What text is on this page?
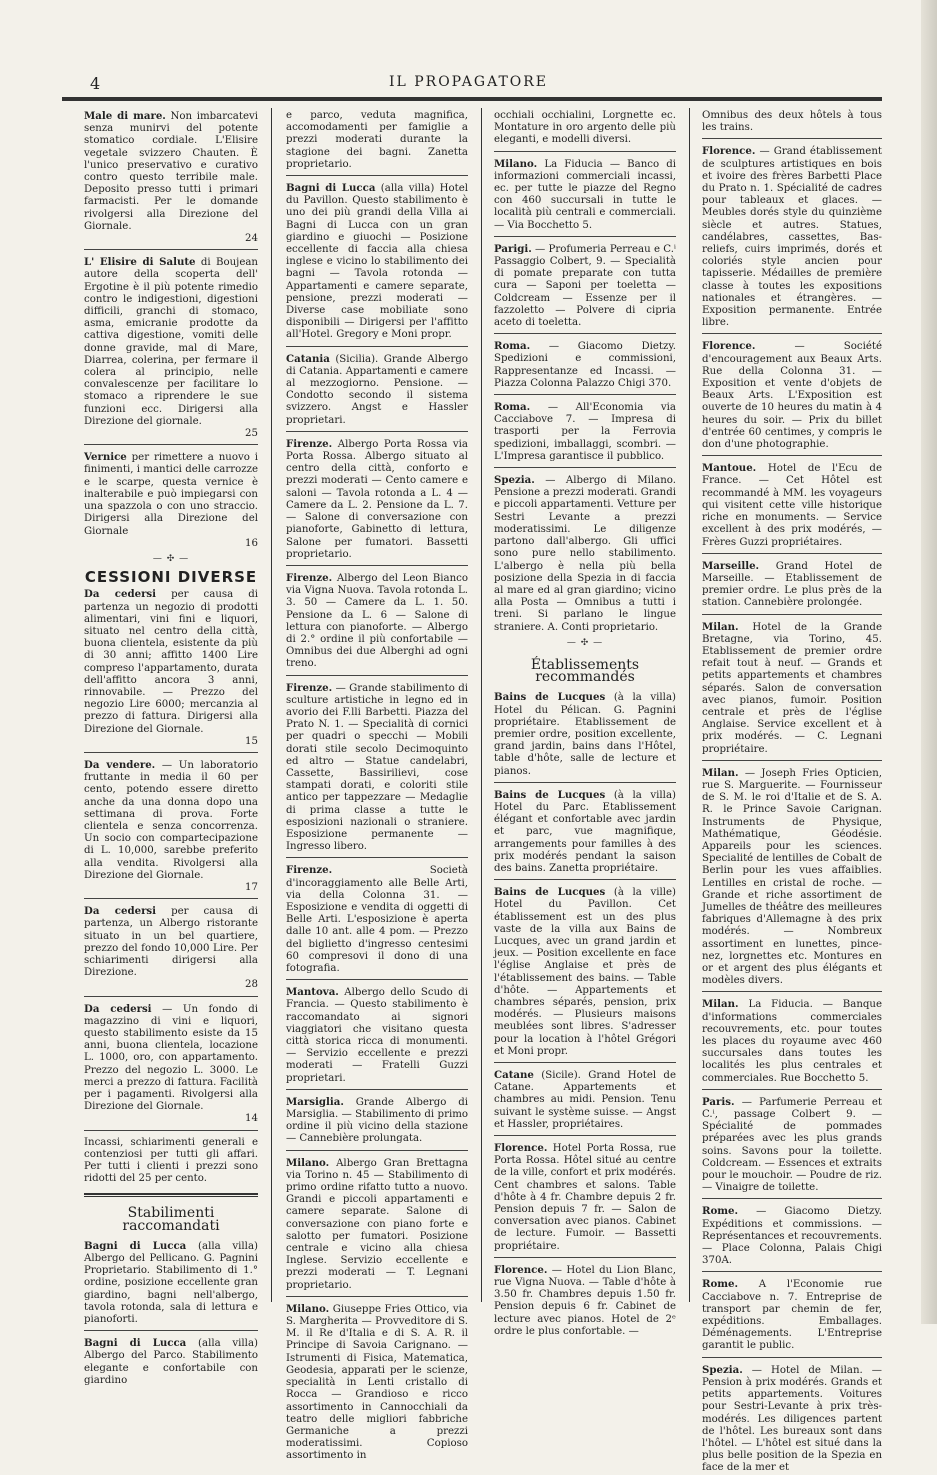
4	IL PROPAGATORE
Male di mare. Non imbarcatevi senza munirvi del potente stomatico cordiale. L'Elisire vegetale svizzero Chauten. È l'unico preservativo e curativo contro questo terribile male. Deposito presso tutti i primari farmacisti. Per le domande rivolgersi alla Direzione del Giornale.
24
L' Elisire di Salute di Boujean autore della scoperta dell' Ergotine è il più potente rimedio contro le indigestioni, digestioni difficili, granchi di stomaco, asma, emicranie prodotte da cattiva digestione, vomiti delle donne gravide, mal di Mare, Diarrea, colerina, per fermare il colera al principio, nelle convalescenze per facilitare lo stomaco a riprendere le sue funzioni ecc. Dirigersi alla Direzione del giornale.
25
Vernice per rimettere a nuovo i finimenti, i mantici delle carrozze e le scarpe, questa vernice è inalterabile e può impiegarsi con una spazzola o con uno straccio. Dirigersi alla Direzione del Giornale
16
— ✣ —
CESSIONI DIVERSE
Da cedersi per causa di partenza un negozio di prodotti alimentari, vini fini e liquori, situato nel centro della città, buona clientela, esistente da più di 30 anni; affitto 1400 Lire compreso l'appartamento, durata dell'affitto ancora 3 anni, rinnovabile. — Prezzo del negozio Lire 6000; mercanzia al prezzo di fattura. Dirigersi alla Direzione del Giornale.
15
Da vendere. — Un laboratorio fruttante in media il 60 per cento, potendo essere diretto anche da una donna dopo una settimana di prova. Forte clientela e senza concorrenza. Un socio con compartecipazione di L. 10,000, sarebbe preferito alla vendita. Rivolgersi alla Direzione del Giornale.
17
Da cedersi per causa di partenza, un Albergo ristorante situato in un bel quartiere, prezzo del fondo 10,000 Lire. Per schiarimenti dirigersi alla Direzione.
28
Da cedersi — Un fondo di magazzino di vini e liquori, questo stabilimento esiste da 15 anni, buona clientela, locazione L. 1000, oro, con appartamento. Prezzo del negozio L. 3000. Le merci a prezzo di fattura. Facilità per i pagamenti. Rivolgersi alla Direzione del Giornale.
14
Incassi, schiarimenti generali e contenziosi per tutti gli affari. Per tutti i clienti i prezzi sono ridotti del 25 per cento.
Stabilimenti raccomandati
Bagni di Lucca (alla villa) Albergo del Pellicano. G. Pagnini Proprietario. Stabilimento di 1.° ordine, posizione eccellente gran giardino, bagni nell'albergo, tavola rotonda, sala di lettura e pianoforti.
Bagni di Lucca (alla villa) Albergo del Parco. Stabilimento elegante e confortabile con giardino
e parco, veduta magnifica, accomodamenti per famiglie a prezzi moderati durante la stagione dei bagni. Zanetta proprietario.
Bagni di Lucca (alla villa) Hotel du Pavillon. Questo stabilimento è uno dei più grandi della Villa ai Bagni di Lucca con un gran giardino e giuochi — Posizione eccellente di faccia alla chiesa inglese e vicino lo stabilimento dei bagni — Tavola rotonda — Appartamenti e camere separate, pensione, prezzi moderati — Diverse case mobiliate sono disponibili — Dirigersi per l'affitto all'Hotel. Gregory e Moni propr.
Catania (Sicilia). Grande Albergo di Catania. Appartamenti e camere al mezzogiorno. Pensione. — Condotto secondo il sistema svizzero. Angst e Hassler proprietari.
Firenze. Albergo Porta Rossa via Porta Rossa. Albergo situato al centro della città, conforto e prezzi moderati — Cento camere e saloni — Tavola rotonda a L. 4 — Camere da L. 2. Pensione da L. 7. — Salone di conversazione con pianoforte, Gabinetto di lettura, Salone per fumatori. Bassetti proprietario.
Firenze. Albergo del Leon Bianco via Vigna Nuova. Tavola rotonda L. 3. 50 — Camere da L. 1. 50. Pensione da L. 6 — Salone di lettura con pianoforte. — Albergo di 2.° ordine il più confortabile — Omnibus dei due Alberghi ad ogni treno.
Firenze. — Grande stabilimento di sculture artistiche in legno ed in avorio dei F.lli Barbetti. Piazza del Prato N. 1. — Specialità di cornici per quadri o specchi — Mobili dorati stile secolo Decimoquinto ed altro — Statue candelabri, Cassette, Bassirilievi, cose stampati dorati, e coloriti stile antico per tappezzare — Medaglie di prima classe a tutte le esposizioni nazionali o straniere. Esposizione permanente — Ingresso libero.
Firenze.	Società d'incoraggiamento alle Belle Arti, via della Colonna 31. — Esposizione e vendita di oggetti di Belle Arti. L'esposizione è aperta dalle 10 ant. alle 4 pom. — Prezzo del biglietto d'ingresso centesimi 60 compresovi il dono di una fotografia.
Mantova. Albergo dello Scudo di Francia. — Questo stabilimento è raccomandato ai signori viaggiatori che visitano questa città storica ricca di monumenti. — Servizio eccellente e prezzi moderati — Fratelli Guzzi proprietari.
Marsiglia. Grande Albergo di Marsiglia. — Stabilimento di primo ordine il più vicino della stazione — Cannebière prolungata.
Milano. Albergo Gran Brettagna via Torino n. 45 — Stabilimento di primo ordine rifatto tutto a nuovo. Grandi e piccoli appartamenti e camere separate. Salone di conversazione con piano forte e salotto per fumatori. Posizione centrale e vicino alla chiesa Inglese. Servizio eccellente e prezzi moderati — T. Legnani proprietario.
Milano. Giuseppe Fries Ottico, via S. Margherita — Provveditore di S. M. il Re d'Italia e di S. A. R. il Principe di Savoia Carignano. — Istrumenti di Fisica, Matematica, Geodesia, apparati per le scienze, specialità in Lenti cristallo di Rocca — Grandioso e ricco assortimento in Cannocchiali da teatro delle migliori fabbriche Germaniche a prezzi moderatissimi. Copioso assortimento in
occhiali occhialini, Lorgnette ec. Montature in oro argento delle più eleganti, e modelli diversi.
Milano. La Fiducia — Banco di informazioni commerciali incassi, ec. per tutte le piazze del Regno con 460 succursali in tutte le località più centrali e commerciali. — Via Bocchetto 5.
Parigi. — Profumeria Perreau e C.ⁱ Passaggio Colbert, 9. — Specialità di pomate preparate con tutta cura — Saponi per toeletta — Coldcream — Essenze per il fazzoletto — Polvere di cipria aceto di toeletta.
Roma. — Giacomo Dietzy. Spedizioni e commissioni, Rappresentanze ed Incassi. — Piazza Colonna Palazzo Chigi 370.
Roma. — All'Economia via Cacciabove 7. — Impresa di trasporti per la Ferrovia spedizioni, imballaggi, scombri. — L'Impresa garantisce il pubblico.
Spezia. — Albergo di Milano. Pensione a prezzi moderati. Grandi e piccoli appartamenti. Vetture per Sestri Levante a prezzi moderatissimi. Le diligenze partono dall'albergo. Gli uffici sono pure nello stabilimento. L'albergo è nella più bella posizione della Spezia in di faccia al mare ed al gran giardino; vicino alla Posta — Omnibus a tutti i treni. Si parlano le lingue straniere. A. Conti proprietario.
— ✣ —
Établissements recommandés
Bains de Lucques (à la villa) Hotel du Pélican. G. Pagnini propriétaire. Etablissement de premier ordre, position excellente, grand jardin, bains dans l'Hôtel, table d'hôte, salle de lecture et pianos.
Bains de Lucques (à la villa) Hotel du Parc. Etablissement élégant et confortable avec jardin et parc, vue magnifique, arrangements pour familles à des prix modérés pendant la saison des bains. Zanetta propriétaire.
Bains de Lucques (à la ville) Hotel du Pavillon. Cet établissement est un des plus vaste de la villa aux Bains de Lucques, avec un grand jardin et jeux. — Position excellente en face l'église Anglaise et près de l'établissement des bains. — Table d'hôte. — Appartements et chambres séparés, pension, prix modérés. — Plusieurs maisons meublées sont libres. S'adresser pour la location à l'hôtel Grégori et Moni propr.
Catane (Sicile). Grand Hotel de Catane. Appartements et chambres au midi. Pension. Tenu suivant le système suisse. — Angst et Hassler, propriétaires.
Florence. Hotel Porta Rossa, rue Porta Rossa. Hôtel situé au centre de la ville, confort et prix modérés. Cent chambres et salons. Table d'hôte à 4 fr. Chambre depuis 2 fr. Pension depuis 7 fr. — Salon de conversation avec pianos. Cabinet de lecture. Fumoir. — Bassetti propriétaire.
Florence. — Hotel du Lion Blanc, rue Vigna Nuova. — Table d'hôte à 3.50 fr. Chambres depuis 1.50 fr. Pension depuis 6 fr. Cabinet de lecture avec pianos. Hotel de 2ᵉ ordre le plus confortable. —
Omnibus des deux hôtels à tous les trains.
Florence. — Grand établissement de sculptures artistiques en bois et ivoire des frères Barbetti Place du Prato n. 1. Spécialité de cadres pour tableaux et glaces. — Meubles dorés style du quinzième siècle et autres. Statues, candélabres, cassettes, Bas-reliefs, cuirs imprimés, dorés et coloriés style ancien pour tapisserie. Médailles de première classe à toutes les expositions nationales et étrangères. — Exposition permanente. Entrée libre.
Florence.	— Société d'encouragement aux Beaux Arts. Rue della Colonna 31. — Exposition et vente d'objets de Beaux Arts. L'Exposition est ouverte de 10 heures du matin à 4 heures du soir. — Prix du billet d'entrée 60 centimes, y compris le don d'une photographie.
Mantoue. Hotel de l'Ecu de France. — Cet Hôtel est recommandé à MM. les voyageurs qui visitent cette ville historique riche en monuments. — Service excellent à des prix modérés, — Frères Guzzi propriétaires.
Marseille. Grand Hotel de Marseille. — Etablissement de premier ordre. Le plus près de la station. Cannebière prolongée.
Milan. Hotel de la Grande Bretagne, via Torino, 45. Etablissement de premier ordre refait tout à neuf. — Grands et petits appartements et chambres séparés. Salon de conversation avec pianos, fumoir. Position centrale et près de l'église Anglaise. Service excellent et à prix modérés. — C. Legnani propriétaire.
Milan. — Joseph Fries Opticien, rue S. Marguerite. — Fournisseur de S. M. le roi d'Italie et de S. A. R. le Prince Savoie Carignan. Instruments de Physique, Mathématique, Géodésie. Appareils pour les sciences. Specialité de lentilles de Cobalt de Berlin pour les vues affaiblies. Lentilles en cristal de roche. — Grande et riche assortiment de Jumelles de théâtre des meilleures fabriques d'Allemagne à des prix modérés. — Nombreux assortiment en lunettes, pince-nez, lorgnettes etc. Montures en or et argent des plus élégants et modèles divers.
Milan. La Fiducia. — Banque d'informations commerciales recouvrements, etc. pour toutes les places du royaume avec 460 succursales dans toutes les localités les plus centrales et commerciales. Rue Bocchetto 5.
Paris. — Parfumerie Perreau et C.ⁱ, passage Colbert 9. — Spécialité de pommades préparées avec les plus grands soins. Savons pour la toilette. Coldcream. — Essences et extraits pour le mouchoir. — Poudre de riz. — Vinaigre de toilette.
Rome. — Giacomo Dietzy. Expéditions et commissions. — Représentances et recouvrements. — Place Colonna, Palais Chigi 370A.
Rome. A l'Economie rue Cacciabove n. 7. Entreprise de transport par chemin de fer, expéditions. Emballages. Déménagements. L'Entreprise garantit le public.
Spezia. — Hotel de Milan. — Pension à prix modérés. Grands et petits appartements. Voitures pour Sestri-Levante à prix très-modérés. Les diligences partent de l'hôtel. Les bureaux sont dans l'hôtel. — L'hôtel est situé dans la plus belle position de la Spezia en face de la mer et
